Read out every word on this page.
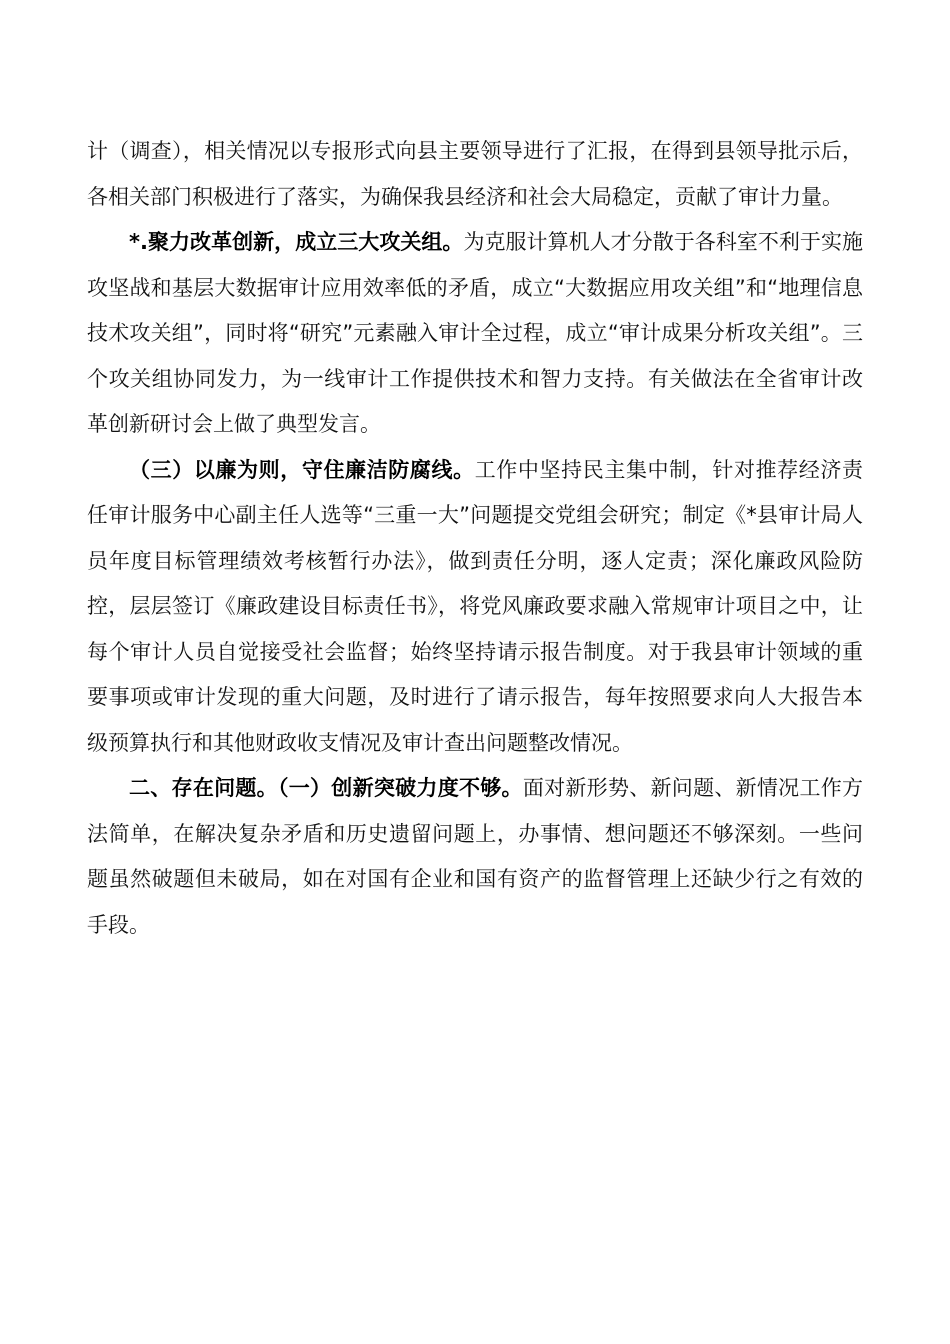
计（调查），相关情况以专报形式向县主要领导进行了汇报，在得到县领导批示后，各相关部门积极进行了落实，为确保我县经济和社会大局稳定，贡献了审计力量。

*.聚力改革创新，成立三大攻关组。为克服计算机人才分散于各科室不利于实施攻坚战和基层大数据审计应用效率低的矛盾，成立“大数据应用攻关组”和“地理信息技术攻关组”，同时将“研究”元素融入审计全过程，成立“审计成果分析攻关组”。三个攻关组协同发力，为一线审计工作提供技术和智力支持。有关做法在全省审计改革创新研讨会上做了典型发言。

（三）以廉为则，守住廉洁防腐线。工作中坚持民主集中制，针对推荐经济责任审计服务中心副主任人选等“三重一大”问题提交党组会研究；制定《*县审计局人员年度目标管理绩效考核暂行办法》，做到责任分明，逐人定责；深化廉政风险防控，层层签订《廉政建设目标责任书》，将党风廉政要求融入常规审计项目之中，让每个审计人员自觉接受社会监督；始终坚持请示报告制度。对于我县审计领域的重要事项或审计发现的重大问题，及时进行了请示报告，每年按照要求向人大报告本级预算执行和其他财政收支情况及审计查出问题整改情况。

二、存在问题。（一）创新突破力度不够。面对新形势、新问题、新情况工作方法简单，在解决复杂矛盾和历史遗留问题上，办事情、想问题还不够深刻。一些问题虽然破题但未破局，如在对国有企业和国有资产的监督管理上还缺少行之有效的手段。
